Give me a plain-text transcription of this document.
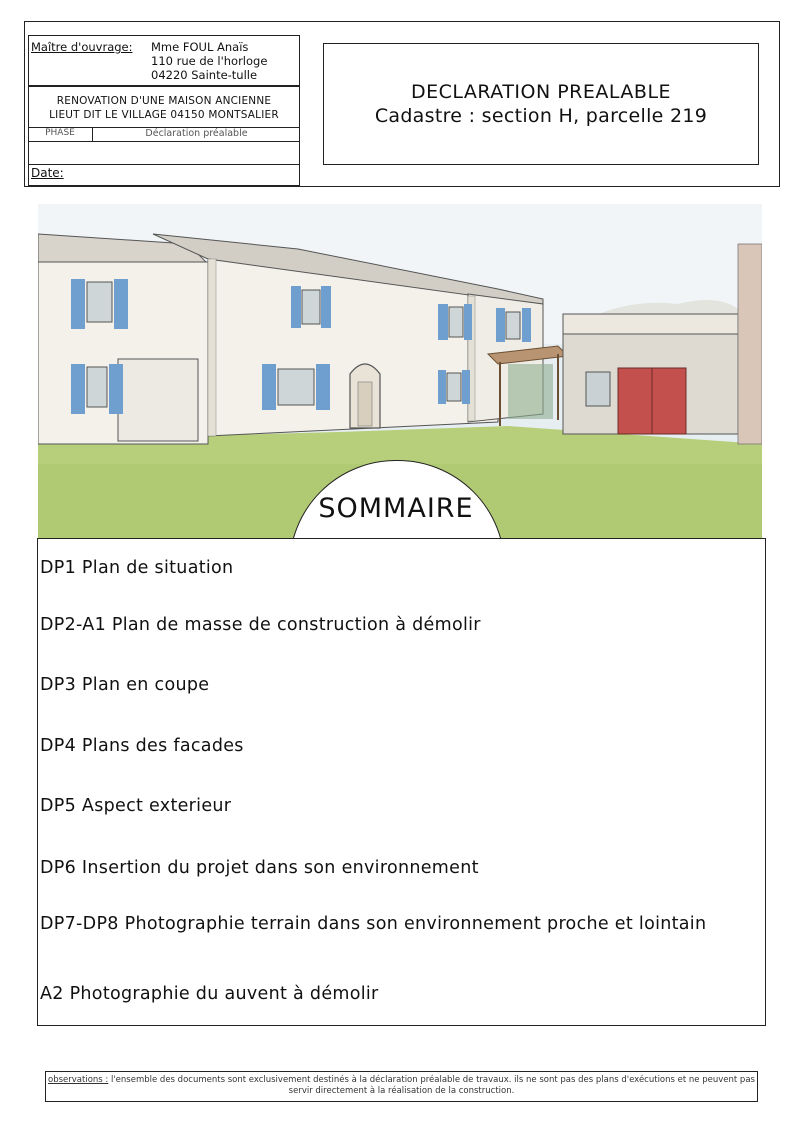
Maître d'ouvrage: Mme FOUL Anaïs
110 rue de l'horloge
04220 Sainte-tulle
RENOVATION D'UNE MAISON ANCIENNE
LIEUT DIT LE VILLAGE 04150 MONTSALIER
PHASE	Déclaration préalable
Date:
DECLARATION PREALABLE
Cadastre : section H, parcelle 219
SOMMAIRE
DP1 Plan de situation
DP2-A1 Plan de masse de construction à démolir
DP3 Plan en coupe
DP4 Plans des facades
DP5 Aspect exterieur
DP6 Insertion du projet dans son environnement
DP7-DP8 Photographie terrain dans son environnement proche et lointain
A2 Photographie du auvent à démolir
observations : l'ensemble des documents sont exclusivement destinés à la déclaration préalable de travaux. ils ne sont pas des plans d'exécutions et ne peuvent pas servir directement à la réalisation de la construction.
